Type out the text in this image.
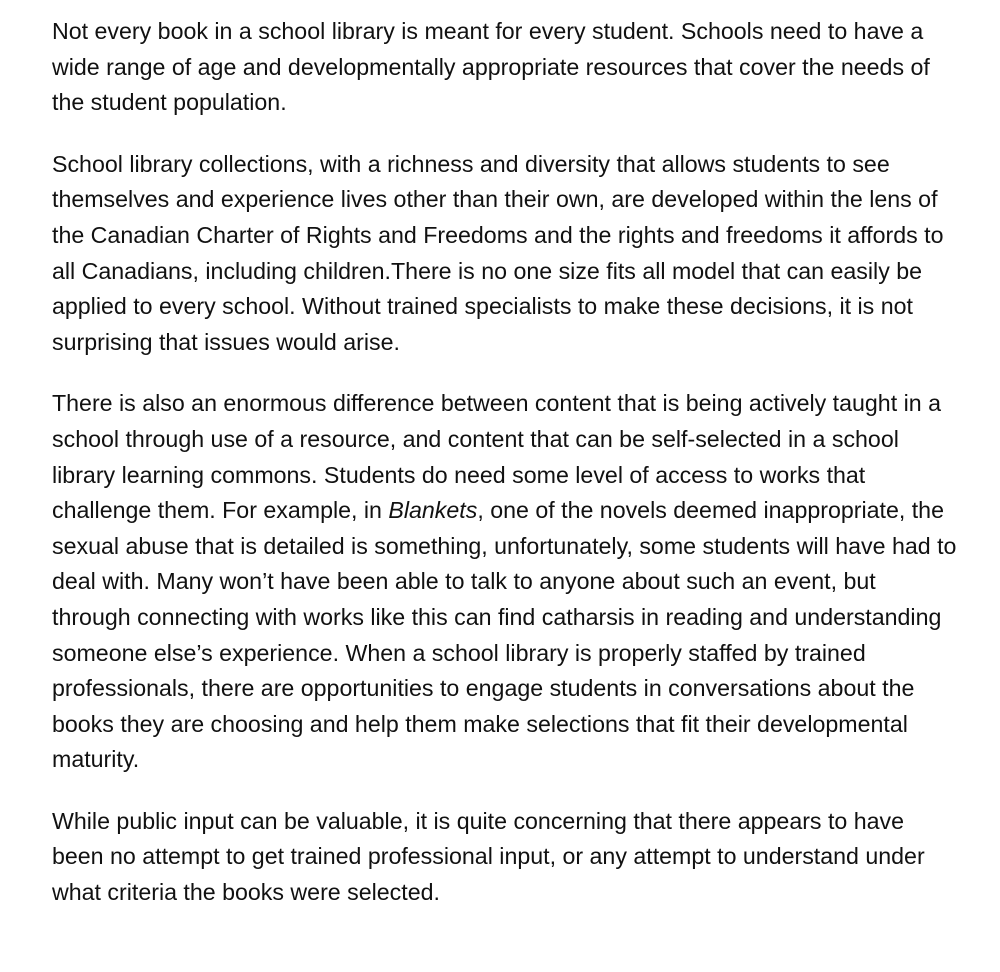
Not every book in a school library is meant for every student. Schools need to have a wide range of age and developmentally appropriate resources that cover the needs of the student population.

School library collections, with a richness and diversity that allows students to see themselves and experience lives other than their own, are developed within the lens of the Canadian Charter of Rights and Freedoms and the rights and freedoms it affords to all Canadians, including children.There is no one size fits all model that can easily be applied to every school. Without trained specialists to make these decisions, it is not surprising that issues would arise.

There is also an enormous difference between content that is being actively taught in a school through use of a resource, and content that can be self-selected in a school library learning commons. Students do need some level of access to works that challenge them. For example, in Blankets, one of the novels deemed inappropriate, the sexual abuse that is detailed is something, unfortunately, some students will have had to deal with. Many won’t have been able to talk to anyone about such an event, but through connecting with works like this can find catharsis in reading and understanding someone else’s experience. When a school library is properly staffed by trained professionals, there are opportunities to engage students in conversations about the books they are choosing and help them make selections that fit their developmental maturity.

While public input can be valuable, it is quite concerning that there appears to have been no attempt to get trained professional input, or any attempt to understand under what criteria the books were selected.
